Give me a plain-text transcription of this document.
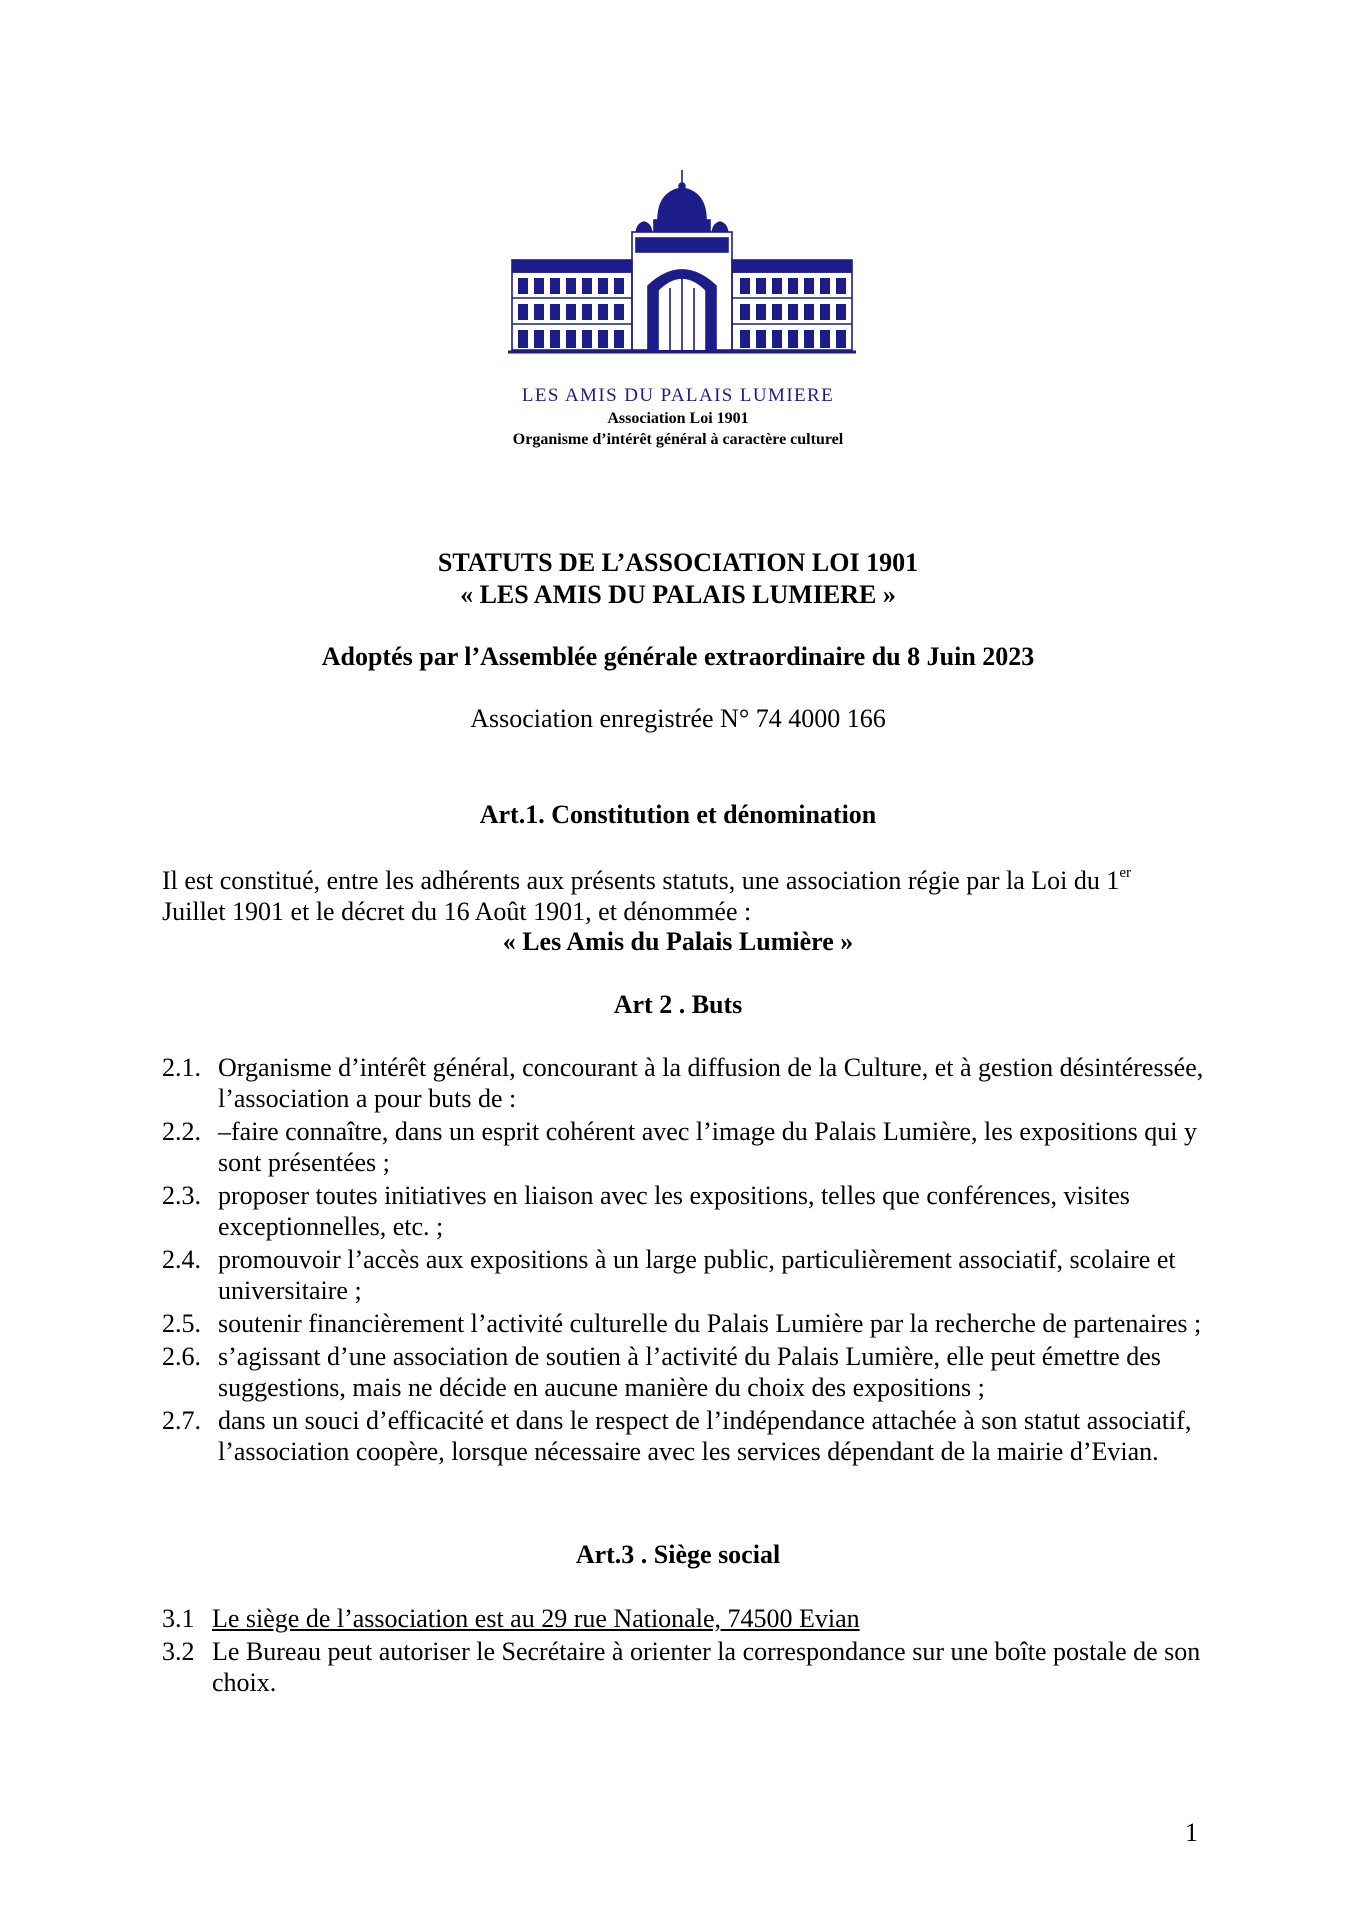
LES AMIS DU PALAIS LUMIERE
Association Loi 1901
Organisme d’intérêt général à caractère culturel
STATUTS DE L’ASSOCIATION LOI 1901
« LES AMIS DU PALAIS LUMIERE »
Adoptés par l’Assemblée générale extraordinaire du 8 Juin 2023
Association enregistrée N° 74 4000 166
Art.1. Constitution et dénomination
Il est constitué, entre les adhérents aux présents statuts, une association régie par la Loi du 1er
Juillet 1901 et le décret du 16 Août 1901, et dénommée :
« Les Amis du Palais Lumière »
Art 2 . Buts
2.1. Organisme d’intérêt général, concourant à la diffusion de la Culture, et à gestion désintéressée, l’association a pour buts de :
2.2. –faire connaître, dans un esprit cohérent avec l’image du Palais Lumière, les expositions qui y sont présentées ;
2.3. proposer toutes initiatives en liaison avec les expositions, telles que conférences, visites exceptionnelles, etc. ;
2.4. promouvoir l’accès aux expositions à un large public, particulièrement associatif, scolaire et universitaire ;
2.5. soutenir financièrement l’activité culturelle du Palais Lumière par la recherche de partenaires ;
2.6. s’agissant d’une association de soutien à l’activité du Palais Lumière, elle peut émettre des suggestions, mais ne décide en aucune manière du choix des expositions ;
2.7. dans un souci d’efficacité et dans le respect de l’indépendance attachée à son statut associatif, l’association coopère, lorsque nécessaire avec les services dépendant de la mairie d’Evian.
Art.3 . Siège social
3.1 Le siège de l’association est au 29 rue Nationale, 74500 Evian
3.2 Le Bureau peut autoriser le Secrétaire à orienter la correspondance sur une boîte postale de son choix.
1
